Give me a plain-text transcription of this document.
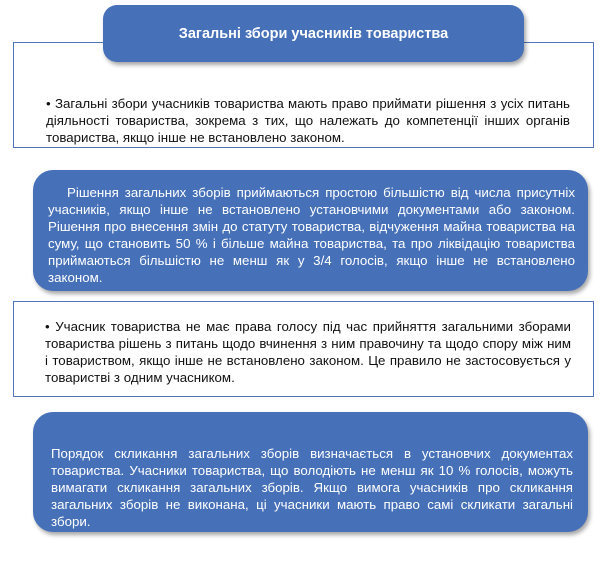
• Загальні збори учасників товариства мають право приймати рішення з усіх питань діяльності товариства, зокрема з тих, що належать до компетенції інших органів товариства, якщо інше не встановлено законом.
Загальні збори учасників товариства
Рішення загальних зборів приймаються простою більшістю від числа присутніх учасників, якщо інше не встановлено установчими документами або законом. Рішення про внесення змін до статуту товариства, відчуження майна товариства на суму, що становить 50 % і більше майна товариства, та про ліквідацію товариства приймаються більшістю не менш як у 3/4 голосів, якщо інше не встановлено законом.
• Учасник товариства не має права голосу під час прийняття загальними зборами товариства рішень з питань щодо вчинення з ним правочину та щодо спору між ним і товариством, якщо інше не встановлено законом. Це правило не застосовується у товаристві з одним учасником.
Порядок скликання загальних зборів визначається в установчих документах товариства. Учасники товариства, що володіють не менш як 10 % голосів, можуть вимагати скликання загальних зборів. Якщо вимога учасників про скликання загальних зборів не виконана, ці учасники мають право самі скликати загальні збори.
